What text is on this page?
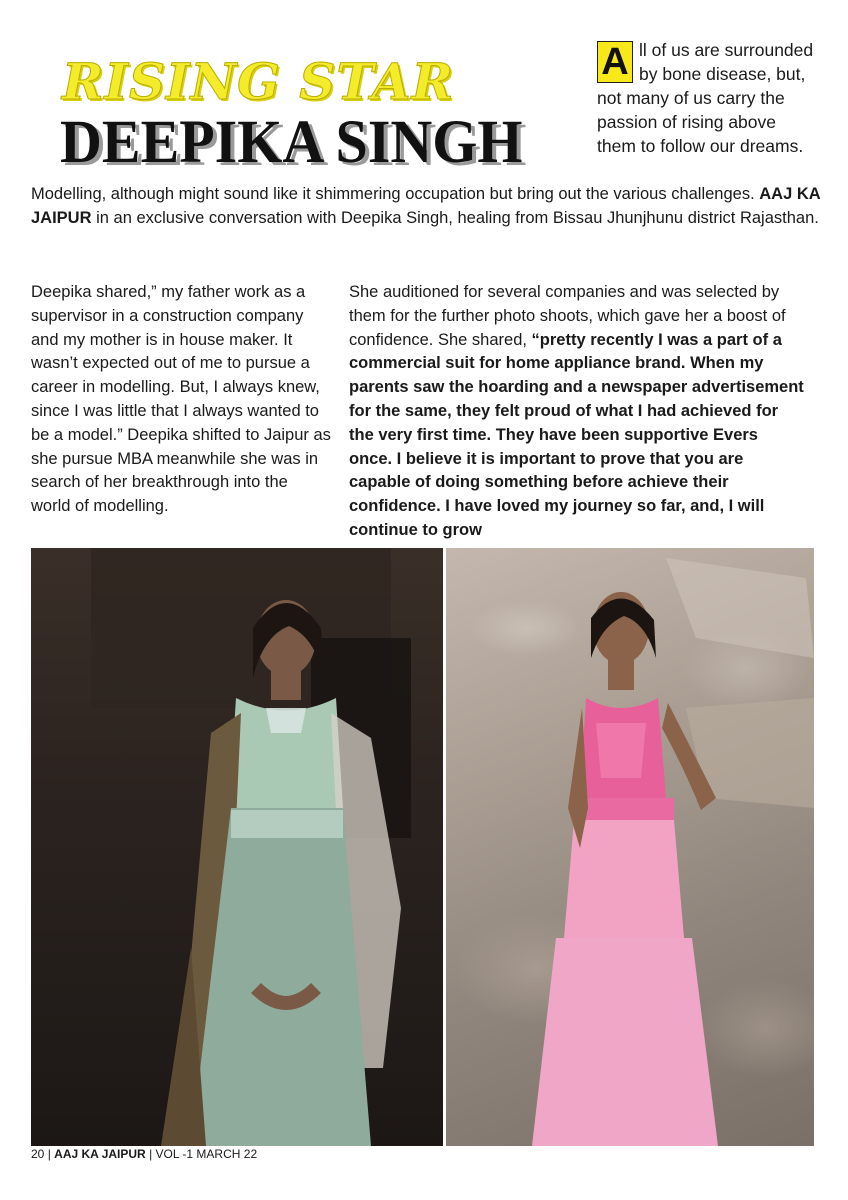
RISING STAR
DEEPIKA SINGH
A ll of us are surrounded by bone disease, but, not many of us carry the passion of rising above them to follow our dreams.

Modelling, although might sound like it shimmering occupation but bring out the various challenges. AAJ KA JAIPUR in an exclusive conversation with Deepika Singh, healing from Bissau Jhunjhunu district Rajasthan.

Deepika shared,” my father work as a supervisor in a construction company and my mother is in house maker. It wasn’t expected out of me to pursue a career in modelling. But, I always knew, since I was little that I always wanted to be a model.” Deepika shifted to Jaipur as she pursue MBA meanwhile she was in search of her breakthrough into the world of modelling.

She auditioned for several companies and was selected by them for the further photo shoots, which gave her a boost of confidence. She shared, “pretty recently I was a part of a commercial suit for home appliance brand. When my parents saw the hoarding and a newspaper advertisement for the same, they felt proud of what I had achieved for the very first time. They have been supportive Evers once. I believe it is important to prove that you are capable of doing something before achieve their confidence. I have loved my journey so far, and, I will continue to grow

20 | AAJ KA JAIPUR | VOL -1 MARCH 22
